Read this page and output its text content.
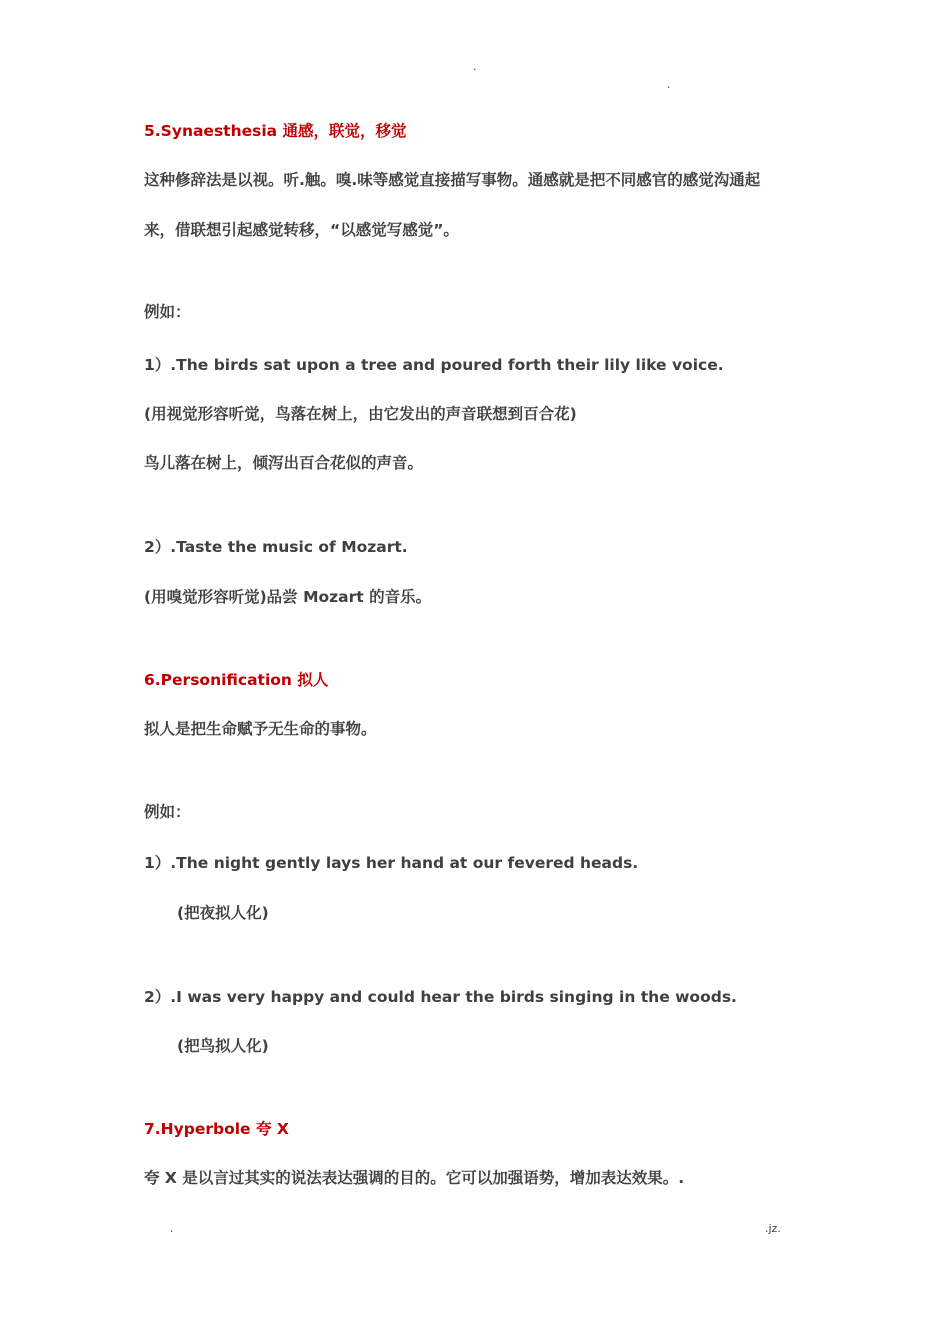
.
.
5.Synaesthesia 通感，联觉，移觉
这种修辞法是以视。听.触。嗅.味等感觉直接描写事物。通感就是把不同感官的感觉沟通起
来，借联想引起感觉转移，“以感觉写感觉”。
例如：
1）.The birds sat upon a tree and poured forth their lily like voice.
(用视觉形容听觉，鸟落在树上，由它发出的声音联想到百合花)
鸟儿落在树上，倾泻出百合花似的声音。
2）.Taste the music of Mozart.
(用嗅觉形容听觉)品尝 Mozart 的音乐。
6.Personification 拟人
拟人是把生命赋予无生命的事物。
例如：
1）.The night gently lays her hand at our fevered heads.
(把夜拟人化)
2）.I was very happy and could hear the birds singing in the woods.
(把鸟拟人化)
7.Hyperbole 夸 X
夸 X 是以言过其实的说法表达强调的目的。它可以加强语势，增加表达效果。.
.	.jz.
